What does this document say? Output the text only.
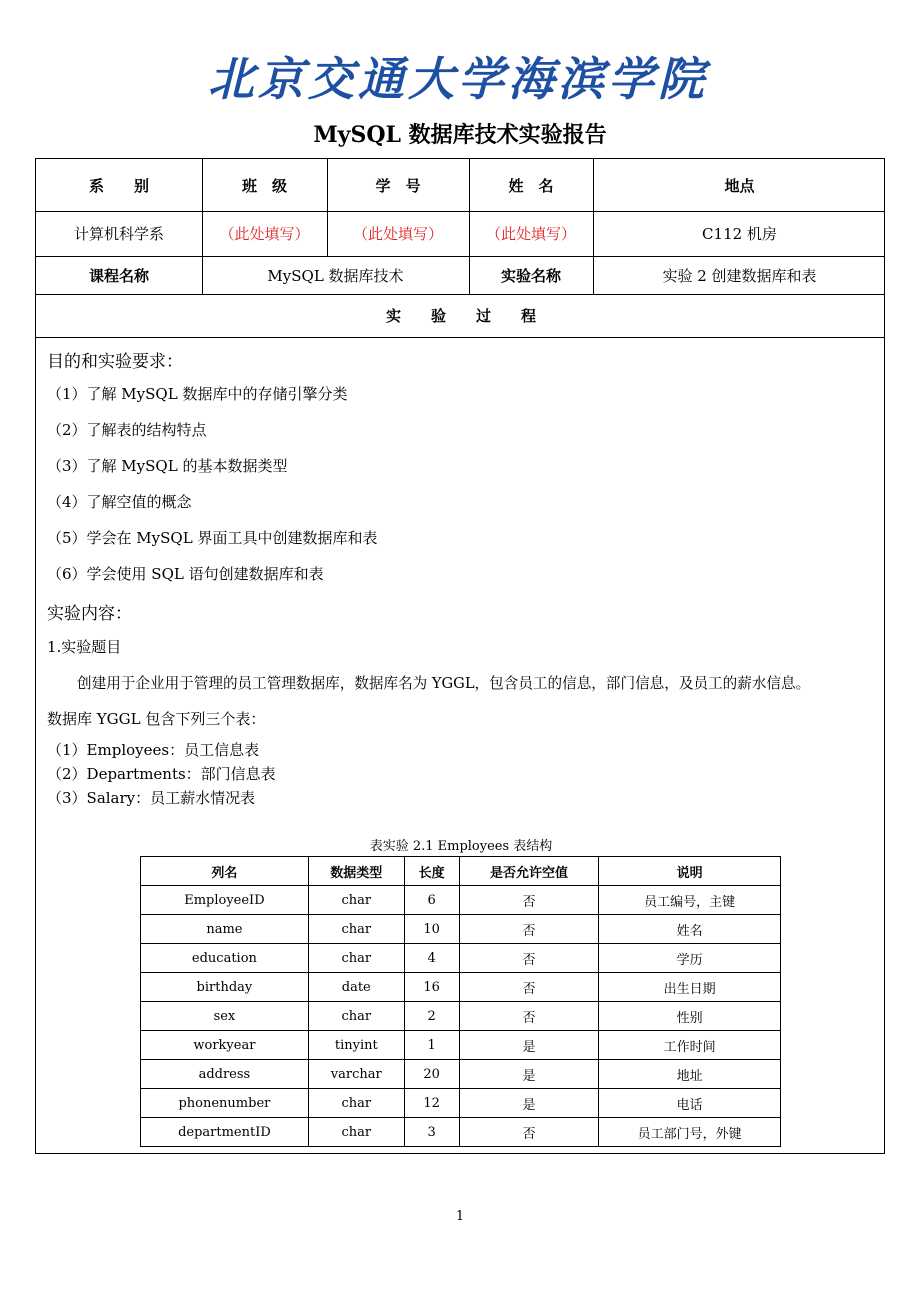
北京交通大学 海滨学院
MySQL 数据库技术实验报告
系　　别	班　级	学　号	姓　名	地点
计算机科学系	（此处填写）	（此处填写）	（此处填写）	C112 机房
课程名称	MySQL 数据库技术	实验名称	实验 2 创建数据库和表
实　　验　　过　　程
目的和实验要求：
（1）了解 MySQL 数据库中的存储引擎分类
（2）了解表的结构特点
（3）了解 MySQL 的基本数据类型
（4）了解空值的概念
（5）学会在 MySQL 界面工具中创建数据库和表
（6）学会使用 SQL 语句创建数据库和表
实验内容：
1.实验题目
创建用于企业用于管理的员工管理数据库，数据库名为 YGGL，包含员工的信息，部门信息，及员工的薪水信息。
数据库 YGGL 包含下列三个表：
（1）Employees：员工信息表
（2）Departments：部门信息表
（3）Salary：员工薪水情况表
表实验 2.1 Employees 表结构
列名	数据类型	长度	是否允许空值	说明
EmployeeID	char	6	否	员工编号，主键
name	char	10	否	姓名
education	char	4	否	学历
birthday	date	16	否	出生日期
sex	char	2	否	性别
workyear	tinyint	1	是	工作时间
address	varchar	20	是	地址
phonenumber	char	12	是	电话
departmentID	char	3	否	员工部门号，外键
1
